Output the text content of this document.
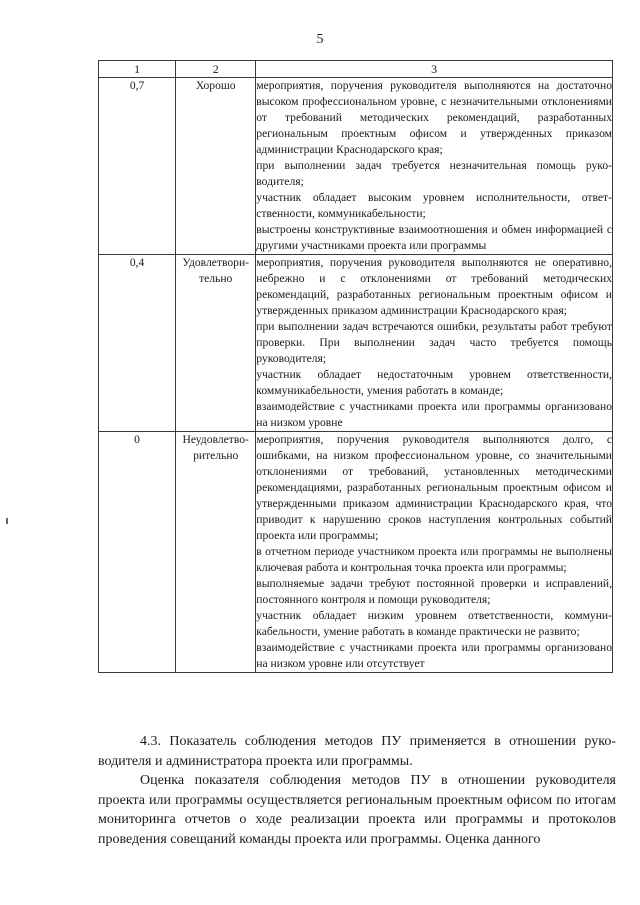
5
1	2	3
0,7	Хорошо	мероприятия, поручения руководителя выполняются на достаточно высоком профессиональном уровне, с незначительными отклонениями от требований методических рекомендаций, разработанных региональным проектным офисом и утвержденных приказом администрации Краснодарского края;

при выполнении задач требуется незначительная помощь руководителя;

участник обладает высоким уровнем исполнительности, ответственности, коммуникабельности;

выстроены конструктивные взаимоотношения и обмен информацией с другими участниками проекта или программы

0,4	Удовлетворительно	мероприятия, поручения руководителя выполняются не оперативно, небрежно и с отклонениями от требований методических рекомендаций, разработанных региональным проектным офисом и утвержденных приказом администрации Краснодарского края;

при выполнении задач встречаются ошибки, результаты работ требуют проверки. При выполнении задач часто требуется помощь руководителя;

участник обладает недостаточным уровнем ответственности, коммуникабельности, умения работать в команде;

взаимодействие с участниками проекта или программы организовано на низком уровне

0	Неудовлетворительно	мероприятия, поручения руководителя выполняются долго, с ошибками, на низком профессиональном уровне, со значительными отклонениями от требований, установленных методическими рекомендациями, разработанных региональным проектным офисом и утвержденными приказом администрации Краснодарского края, что приводит к нарушению сроков наступления контрольных событий проекта или программы;

в отчетном периоде участником проекта или программы не выполнены ключевая работа и контрольная точка проекта или программы;

выполняемые задачи требуют постоянной проверки и исправлений, постоянного контроля и помощи руководителя;

участник обладает низким уровнем ответственности, коммуникабельности, умение работать в команде практически не развито;

взаимодействие с участниками проекта или программы организовано на низком уровне или отсутствует

4.3. Показатель соблюдения методов ПУ применяется в отношении руководителя и администратора проекта или программы.

Оценка показателя соблюдения методов ПУ в отношении руководителя проекта или программы осуществляется региональным проектным офисом по итогам мониторинга отчетов о ходе реализации проекта или программы и протоколов проведения совещаний команды проекта или программы. Оценка данного
